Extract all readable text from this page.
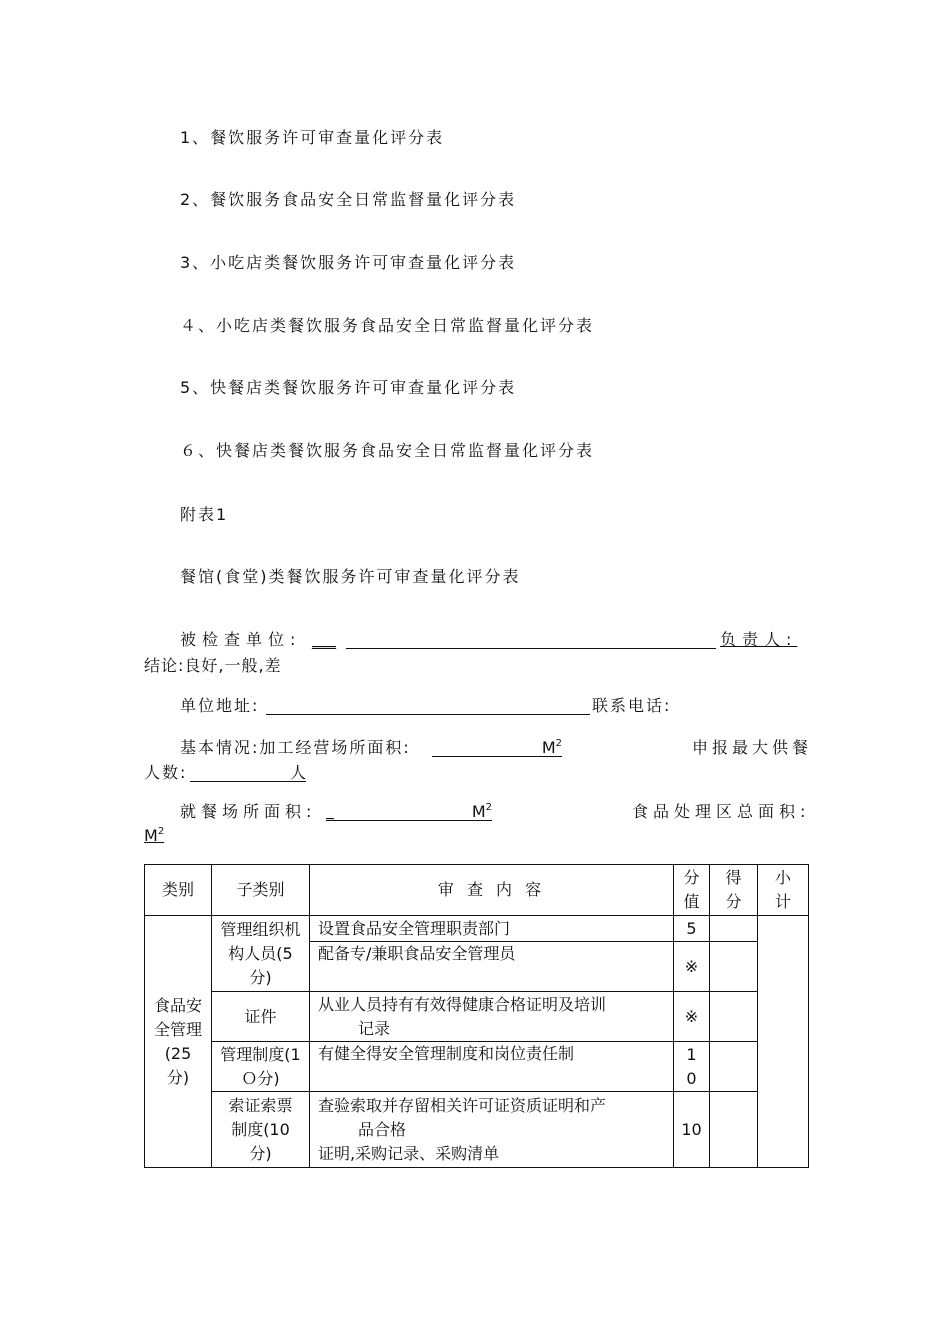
1、餐饮服务许可审查量化评分表
2、餐饮服务食品安全日常监督量化评分表
3、小吃店类餐饮服务许可审查量化评分表
４、小吃店类餐饮服务食品安全日常监督量化评分表
5、快餐店类餐饮服务许可审查量化评分表
６、快餐店类餐饮服务食品安全日常监督量化评分表
附表1
餐馆(食堂)类餐饮服务许可审查量化评分表
被检查单位: ___	负责人:
结论:良好,一般,差
单位地址:	联系电话:
基本情况:加工经营场所面积:	$M^2$	申报最大供餐
人数:	人
就餐场所面积: _	$M^2$	食品处理区总面积:
$M^2$
类别	子类别	审 查 内 容	分值	得分	小计
食品安全管理(25分)	管理组织机构人员(5分)	设置食品安全管理职责部门	5		
		配备专/兼职食品安全管理员	※		
	证件	从业人员持有有效得健康合格证明及培训
记录	※		
	管理制度(1Ｏ分)	有健全得安全管理制度和岗位责任制	10		
	索证索票制度(10分)	查验索取并存留相关许可证资质证明和产
品合格
证明,采购记录、采购清单	10		
